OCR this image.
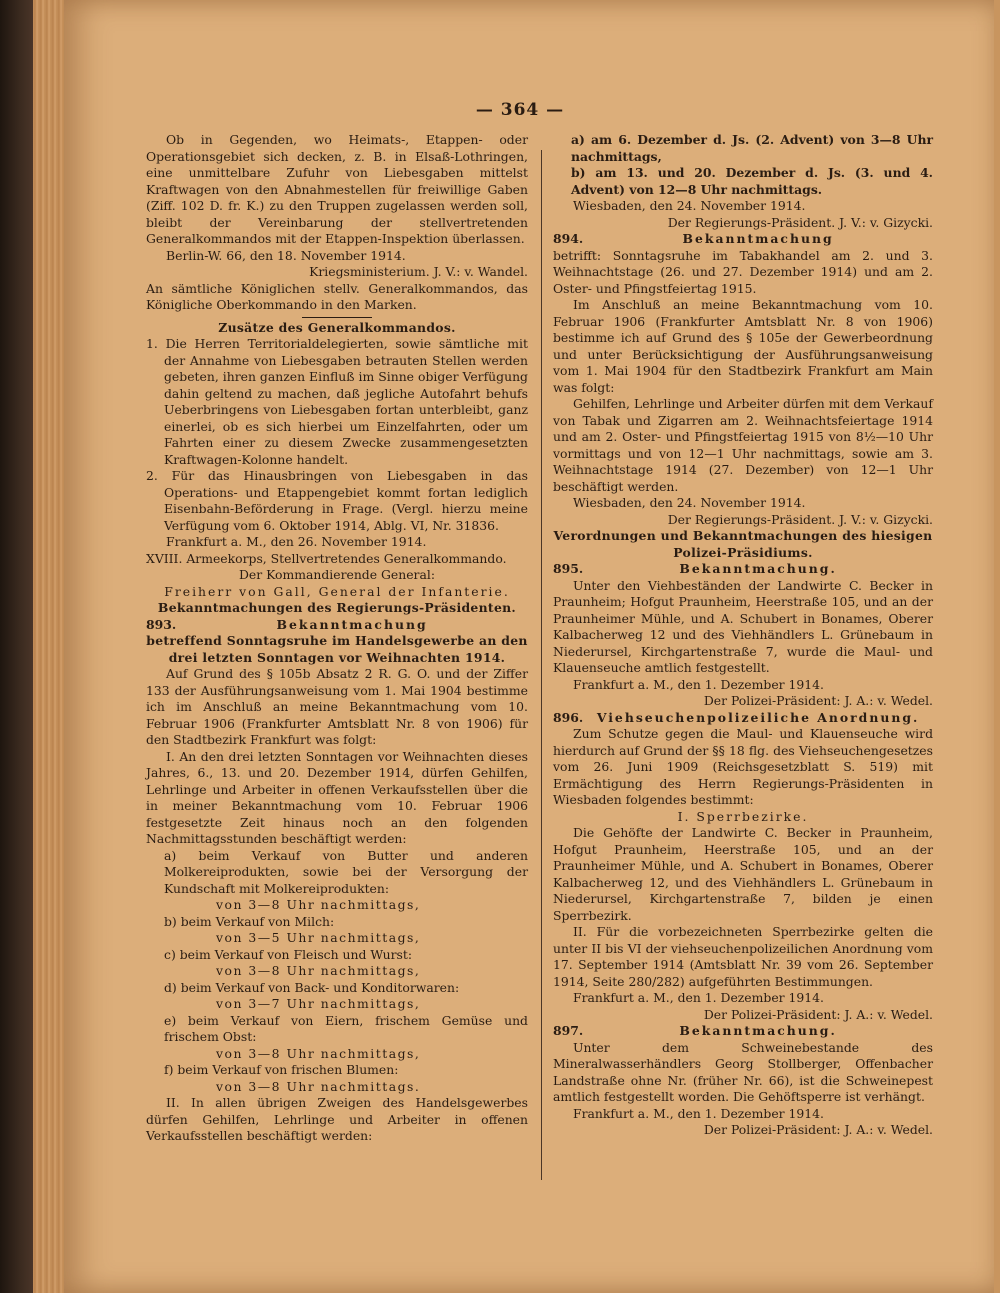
— 364 —

Ob in Gegenden, wo Heimats-, Etappen- oder Operationsgebiet sich decken, z. B. in Elsaß-Lothringen, eine unmittelbare Zufuhr von Liebesgaben mittelst Kraftwagen von den Abnahmestellen für freiwillige Gaben (Ziff. 102 D. fr. K.) zu den Truppen zugelassen werden soll, bleibt der Vereinbarung der stellvertretenden Generalkommandos mit der Etappen-Inspektion überlassen.

Berlin-W. 66, den 18. November 1914.

Kriegsministerium. J. V.: v. Wandel.

An sämtliche Königlichen stellv. Generalkommandos, das Königliche Oberkommando in den Marken.

Zusätze des Generalkommandos.

1. Die Herren Territorialdelegierten, sowie sämtliche mit der Annahme von Liebesgaben betrauten Stellen werden gebeten, ihren ganzen Einfluß im Sinne obiger Verfügung dahin geltend zu machen, daß jegliche Autofahrt behufs Ueberbringens von Liebesgaben fortan unterbleibt, ganz einerlei, ob es sich hierbei um Einzelfahrten, oder um Fahrten einer zu diesem Zwecke zusammengesetzten Kraftwagen-Kolonne handelt.

2. Für das Hinausbringen von Liebesgaben in das Operations- und Etappengebiet kommt fortan lediglich Eisenbahn-Beförderung in Frage. (Vergl. hierzu meine Verfügung vom 6. Oktober 1914, Ablg. VI, Nr. 31836.

Frankfurt a. M., den 26. November 1914.

XVIII. Armeekorps, Stellvertretendes Generalkommando.

Der Kommandierende General:

Freiherr von Gall, General der Infanterie.

Bekanntmachungen des Regierungs-Präsidenten.

893.	Bekanntmachung

betreffend Sonntagsruhe im Handelsgewerbe an den drei letzten Sonntagen vor Weihnachten 1914.

Auf Grund des § 105b Absatz 2 R. G. O. und der Ziffer 133 der Ausführungsanweisung vom 1. Mai 1904 bestimme ich im Anschluß an meine Bekanntmachung vom 10. Februar 1906 (Frankfurter Amtsblatt Nr. 8 von 1906) für den Stadtbezirk Frankfurt was folgt:

I. An den drei letzten Sonntagen vor Weihnachten dieses Jahres, 6., 13. und 20. Dezember 1914, dürfen Gehilfen, Lehrlinge und Arbeiter in offenen Verkaufsstellen über die in meiner Bekanntmachung vom 10. Februar 1906 festgesetzte Zeit hinaus noch an den folgenden Nachmittagsstunden beschäftigt werden:

a) beim Verkauf von Butter und anderen Molkereiprodukten, sowie bei der Versorgung der Kundschaft mit Molkereiprodukten:

von 3—8 Uhr nachmittags,

b) beim Verkauf von Milch:

von 3—5 Uhr nachmittags,

c) beim Verkauf von Fleisch und Wurst:

von 3—8 Uhr nachmittags,

d) beim Verkauf von Back- und Konditorwaren:

von 3—7 Uhr nachmittags,

e) beim Verkauf von Eiern, frischem Gemüse und frischem Obst:

von 3—8 Uhr nachmittags,

f) beim Verkauf von frischen Blumen:

von 3—8 Uhr nachmittags.

II. In allen übrigen Zweigen des Handelsgewerbes dürfen Gehilfen, Lehrlinge und Arbeiter in offenen Verkaufsstellen beschäftigt werden:

a) am 6. Dezember d. Js. (2. Advent) von 3—8 Uhr nachmittags,

b) am 13. und 20. Dezember d. Js. (3. und 4. Advent) von 12—8 Uhr nachmittags.

Wiesbaden, den 24. November 1914.

Der Regierungs-Präsident. J. V.: v. Gizycki.

894.	Bekanntmachung

betrifft: Sonntagsruhe im Tabakhandel am 2. und 3. Weihnachtstage (26. und 27. Dezember 1914) und am 2. Oster- und Pfingstfeiertag 1915.

Im Anschluß an meine Bekanntmachung vom 10. Februar 1906 (Frankfurter Amtsblatt Nr. 8 von 1906) bestimme ich auf Grund des § 105e der Gewerbeordnung und unter Berücksichtigung der Ausführungsanweisung vom 1. Mai 1904 für den Stadtbezirk Frankfurt am Main was folgt:

Gehilfen, Lehrlinge und Arbeiter dürfen mit dem Verkauf von Tabak und Zigarren am 2. Weihnachtsfeiertage 1914 und am 2. Oster- und Pfingstfeiertag 1915 von 8½—10 Uhr vormittags und von 12—1 Uhr nachmittags, sowie am 3. Weihnachtstage 1914 (27. Dezember) von 12—1 Uhr beschäftigt werden.

Wiesbaden, den 24. November 1914.

Der Regierungs-Präsident. J. V.: v. Gizycki.

Verordnungen und Bekanntmachungen des hiesigen Polizei-Präsidiums.

895.	Bekanntmachung.

Unter den Viehbeständen der Landwirte C. Becker in Praunheim; Hofgut Praunheim, Heerstraße 105, und an der Praunheimer Mühle, und A. Schubert in Bonames, Oberer Kalbacherweg 12 und des Viehhändlers L. Grünebaum in Niederursel, Kirchgartenstraße 7, wurde die Maul- und Klauenseuche amtlich festgestellt.

Frankfurt a. M., den 1. Dezember 1914.

Der Polizei-Präsident: J. A.: v. Wedel.

896.	Viehseuchenpolizeiliche Anordnung.

Zum Schutze gegen die Maul- und Klauenseuche wird hierdurch auf Grund der §§ 18 flg. des Viehseuchengesetzes vom 26. Juni 1909 (Reichsgesetzblatt S. 519) mit Ermächtigung des Herrn Regierungs-Präsidenten in Wiesbaden folgendes bestimmt:

I. Sperrbezirke.

Die Gehöfte der Landwirte C. Becker in Praunheim, Hofgut Praunheim, Heerstraße 105, und an der Praunheimer Mühle, und A. Schubert in Bonames, Oberer Kalbacherweg 12, und des Viehhändlers L. Grünebaum in Niederursel, Kirchgartenstraße 7, bilden je einen Sperrbezirk.

II. Für die vorbezeichneten Sperrbezirke gelten die unter II bis VI der viehseuchenpolizeilichen Anordnung vom 17. September 1914 (Amtsblatt Nr. 39 vom 26. September 1914, Seite 280/282) aufgeführten Bestimmungen.

Frankfurt a. M., den 1. Dezember 1914.

Der Polizei-Präsident: J. A.: v. Wedel.

897.	Bekanntmachung.

Unter dem Schweinebestande des Mineralwasserhändlers Georg Stollberger, Offenbacher Landstraße ohne Nr. (früher Nr. 66), ist die Schweinepest amtlich festgestellt worden. Die Gehöftsperre ist verhängt.

Frankfurt a. M., den 1. Dezember 1914.

Der Polizei-Präsident: J. A.: v. Wedel.
